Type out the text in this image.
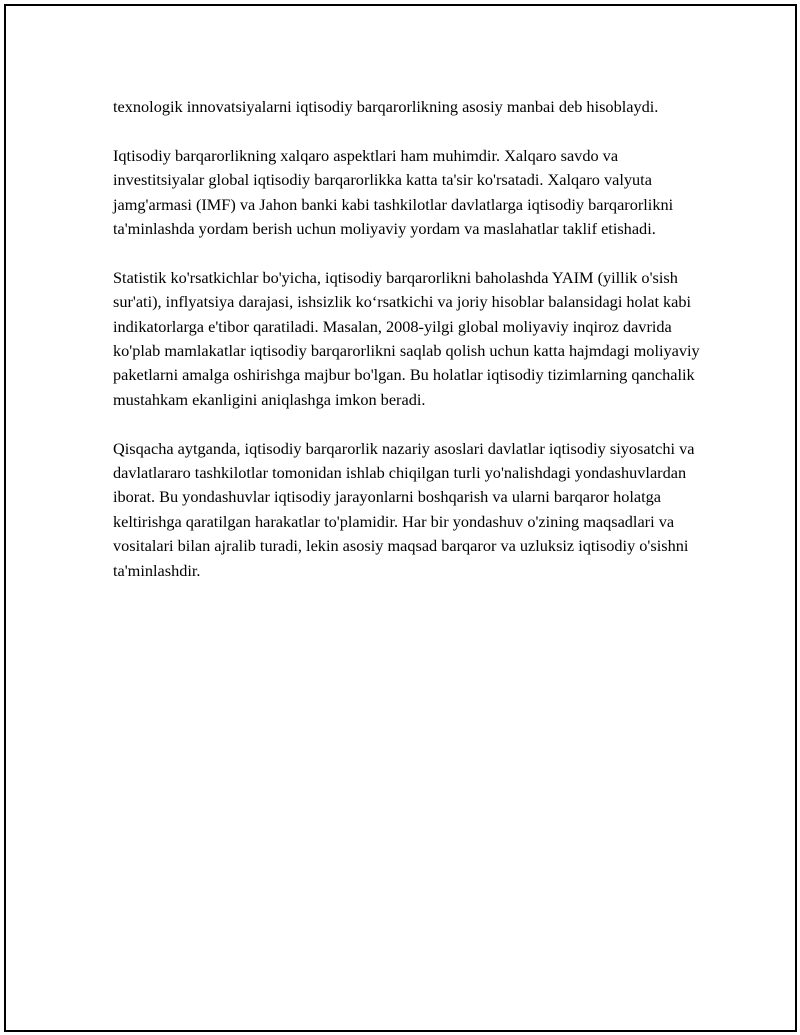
texnologik innovatsiyalarni iqtisodiy barqarorlikning asosiy manbai deb hisoblaydi.

Iqtisodiy barqarorlikning xalqaro aspektlari ham muhimdir. Xalqaro savdo va investitsiyalar global iqtisodiy barqarorlikka katta ta'sir ko'rsatadi. Xalqaro valyuta jamg'armasi (IMF) va Jahon banki kabi tashkilotlar davlatlarga iqtisodiy barqarorlikni ta'minlashda yordam berish uchun moliyaviy yordam va maslahatlar taklif etishadi.

Statistik ko'rsatkichlar bo'yicha, iqtisodiy barqarorlikni baholashda YAIM (yillik o'sish sur'ati), inflyatsiya darajasi, ishsizlik koʻrsatkichi va joriy hisoblar balansidagi holat kabi indikatorlarga e'tibor qaratiladi. Masalan, 2008-yilgi global moliyaviy inqiroz davrida ko'plab mamlakatlar iqtisodiy barqarorlikni saqlab qolish uchun katta hajmdagi moliyaviy paketlarni amalga oshirishga majbur bo'lgan. Bu holatlar iqtisodiy tizimlarning qanchalik mustahkam ekanligini aniqlashga imkon beradi.

Qisqacha aytganda, iqtisodiy barqarorlik nazariy asoslari davlatlar iqtisodiy siyosatchi va davlatlararo tashkilotlar tomonidan ishlab chiqilgan turli yo'nalishdagi yondashuvlardan iborat. Bu yondashuvlar iqtisodiy jarayonlarni boshqarish va ularni barqaror holatga keltirishga qaratilgan harakatlar to'plamidir. Har bir yondashuv o'zining maqsadlari va vositalari bilan ajralib turadi, lekin asosiy maqsad barqaror va uzluksiz iqtisodiy o'sishni ta'minlashdir.
